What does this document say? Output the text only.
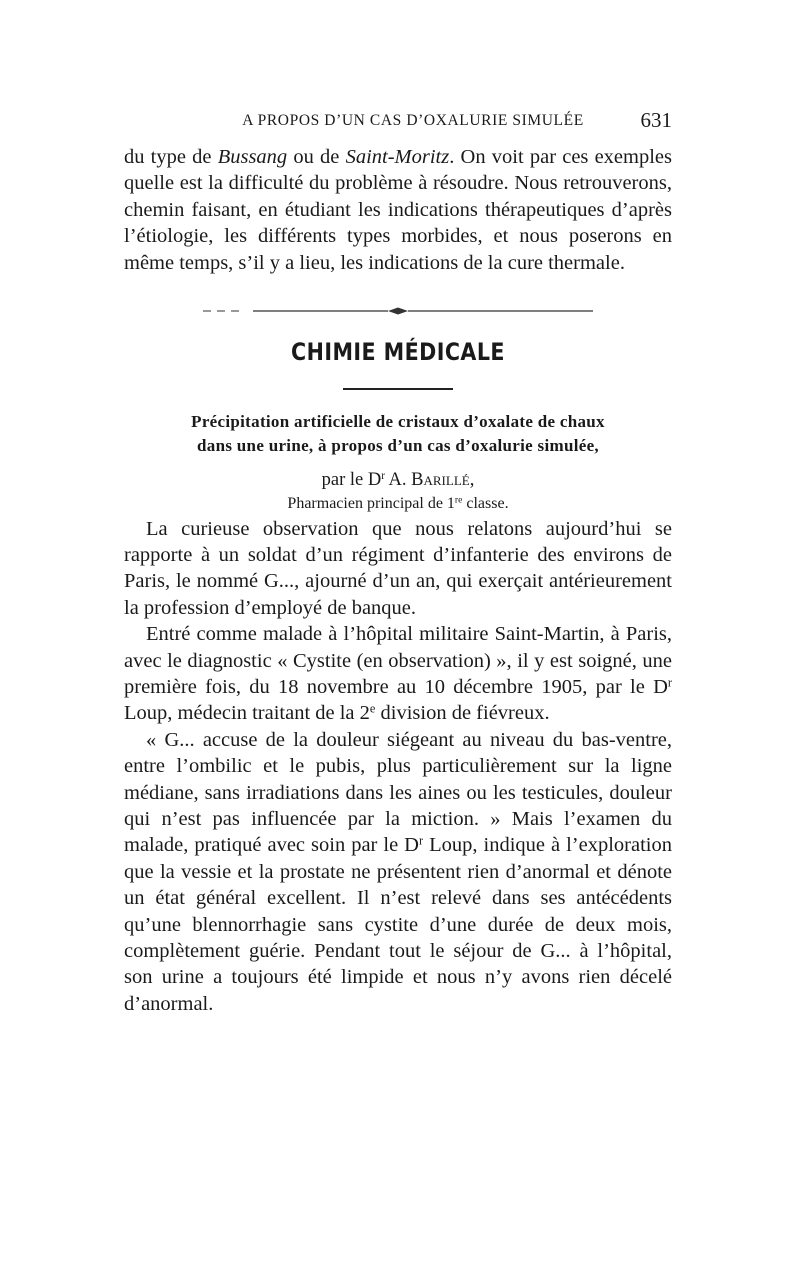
A PROPOS D’UN CAS D’OXALURIE SIMULÉE	631

du type de Bussang ou de Saint-Moritz. On voit par ces exemples quelle est la difficulté du problème à résoudre. Nous retrouverons, chemin faisant, en étudiant les indications thérapeutiques d’après l’étiologie, les différents types morbides, et nous poserons en même temps, s’il y a lieu, les indications de la cure thermale.

CHIMIE MÉDICALE
Précipitation artificielle de cristaux d’oxalate de chaux
dans une urine, à propos d’un cas d’oxalurie simulée,
par le $D^r$ A. Barillé,
Pharmacien principal de 1re classe.

La curieuse observation que nous relatons aujourd’hui se rapporte à un soldat d’un régiment d’infanterie des environs de Paris, le nommé G..., ajourné d’un an, qui exerçait antérieurement la profession d’employé de banque.

Entré comme malade à l’hôpital militaire Saint-Martin, à Paris, avec le diagnostic « Cystite (en observation) », il y est soigné, une première fois, du 18 novembre au 10 décembre 1905, par le $D^r$ Loup, médecin traitant de la 2e division de fiévreux.

« G... accuse de la douleur siégeant au niveau du bas-ventre, entre l’ombilic et le pubis, plus particulièrement sur la ligne médiane, sans irradiations dans les aines ou les testicules, douleur qui n’est pas influencée par la miction. » Mais l’examen du malade, pratiqué avec soin par le $D^r$ Loup, indique à l’exploration que la vessie et la prostate ne présentent rien d’anormal et dénote un état général excellent. Il n’est relevé dans ses antécédents qu’une blennorrhagie sans cystite d’une durée de deux mois, complètement guérie. Pendant tout le séjour de G... à l’hôpital, son urine a toujours été limpide et nous n’y avons rien décelé d’anormal.
